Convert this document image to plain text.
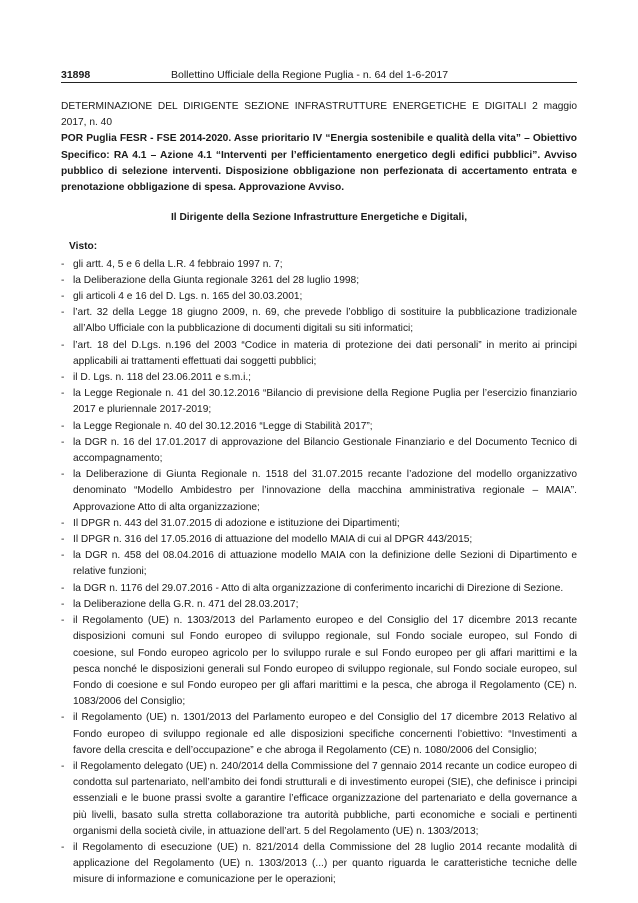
31898	Bollettino Ufficiale della Regione Puglia - n. 64 del 1-6-2017

DETERMINAZIONE DEL DIRIGENTE SEZIONE INFRASTRUTTURE ENERGETICHE E DIGITALI 2 maggio 2017, n. 40
POR Puglia FESR - FSE 2014-2020. Asse prioritario IV “Energia sostenibile e qualità della vita” – Obiettivo Specifico: RA 4.1 – Azione 4.1 “Interventi per l’efficientamento energetico degli edifici pubblici”. Avviso pubblico di selezione interventi. Disposizione obbligazione non perfezionata di accertamento entrata e prenotazione obbligazione di spesa. Approvazione Avviso.

Il Dirigente della Sezione Infrastrutture Energetiche e Digitali,
Visto:
- gli artt. 4, 5 e 6 della L.R. 4 febbraio 1997 n. 7;
- la Deliberazione della Giunta regionale 3261 del 28 luglio 1998;
- gli articoli 4 e 16 del D. Lgs. n. 165 del 30.03.2001;
- l’art. 32 della Legge 18 giugno 2009, n. 69, che prevede l’obbligo di sostituire la pubblicazione tradizionale all’Albo Ufficiale con la pubblicazione di documenti digitali su siti informatici;
- l’art. 18 del D.Lgs. n.196 del 2003 “Codice in materia di protezione dei dati personali” in merito ai principi applicabili ai trattamenti effettuati dai soggetti pubblici;
- il D. Lgs. n. 118 del 23.06.2011 e s.m.i.;
- la Legge Regionale n. 41 del 30.12.2016 “Bilancio di previsione della Regione Puglia per l’esercizio finanziario 2017 e pluriennale 2017-2019;
- la Legge Regionale n. 40 del 30.12.2016 “Legge di Stabilità 2017”;
- la DGR n. 16 del 17.01.2017 di approvazione del Bilancio Gestionale Finanziario e del Documento Tecnico di accompagnamento;
- la Deliberazione di Giunta Regionale n. 1518 del 31.07.2015 recante l’adozione del modello organizzativo denominato “Modello Ambidestro per l’innovazione della macchina amministrativa regionale – MAIA”. Approvazione Atto di alta organizzazione;
- Il DPGR n. 443 del 31.07.2015 di adozione e istituzione dei Dipartimenti;
- Il DPGR n. 316 del 17.05.2016 di attuazione del modello MAIA di cui al DPGR 443/2015;
- la DGR n. 458 del 08.04.2016 di attuazione modello MAIA con la definizione delle Sezioni di Dipartimento e relative funzioni;
- la DGR n. 1176 del 29.07.2016 - Atto di alta organizzazione di conferimento incarichi di Direzione di Sezione.
- la Deliberazione della G.R. n. 471 del 28.03.2017;
- il Regolamento (UE) n. 1303/2013 del Parlamento europeo e del Consiglio del 17 dicembre 2013 recante disposizioni comuni sul Fondo europeo di sviluppo regionale, sul Fondo sociale europeo, sul Fondo di coesione, sul Fondo europeo agricolo per lo sviluppo rurale e sul Fondo europeo per gli affari marittimi e la pesca nonché le disposizioni generali sul Fondo europeo di sviluppo regionale, sul Fondo sociale europeo, sul Fondo di coesione e sul Fondo europeo per gli affari marittimi e la pesca, che abroga il Regolamento (CE) n. 1083/2006 del Consiglio;
- il Regolamento (UE) n. 1301/2013 del Parlamento europeo e del Consiglio del 17 dicembre 2013 Relativo al Fondo europeo di sviluppo regionale ed alle disposizioni specifiche concernenti l’obiettivo: “Investimenti a favore della crescita e dell’occupazione” e che abroga il Regolamento (CE) n. 1080/2006 del Consiglio;
- il Regolamento delegato (UE) n. 240/2014 della Commissione del 7 gennaio 2014 recante un codice europeo di condotta sul partenariato, nell’ambito dei fondi strutturali e di investimento europei (SIE), che definisce i principi essenziali e le buone prassi svolte a garantire l’efficace organizzazione del partenariato e della governance a più livelli, basato sulla stretta collaborazione tra autorità pubbliche, parti economiche e sociali e pertinenti organismi della società civile, in attuazione dell’art. 5 del Regolamento (UE) n. 1303/2013;
- il Regolamento di esecuzione (UE) n. 821/2014 della Commissione del 28 luglio 2014 recante modalità di applicazione del Regolamento (UE) n. 1303/2013 (...) per quanto riguarda le caratteristiche tecniche delle misure di informazione e comunicazione per le operazioni;
